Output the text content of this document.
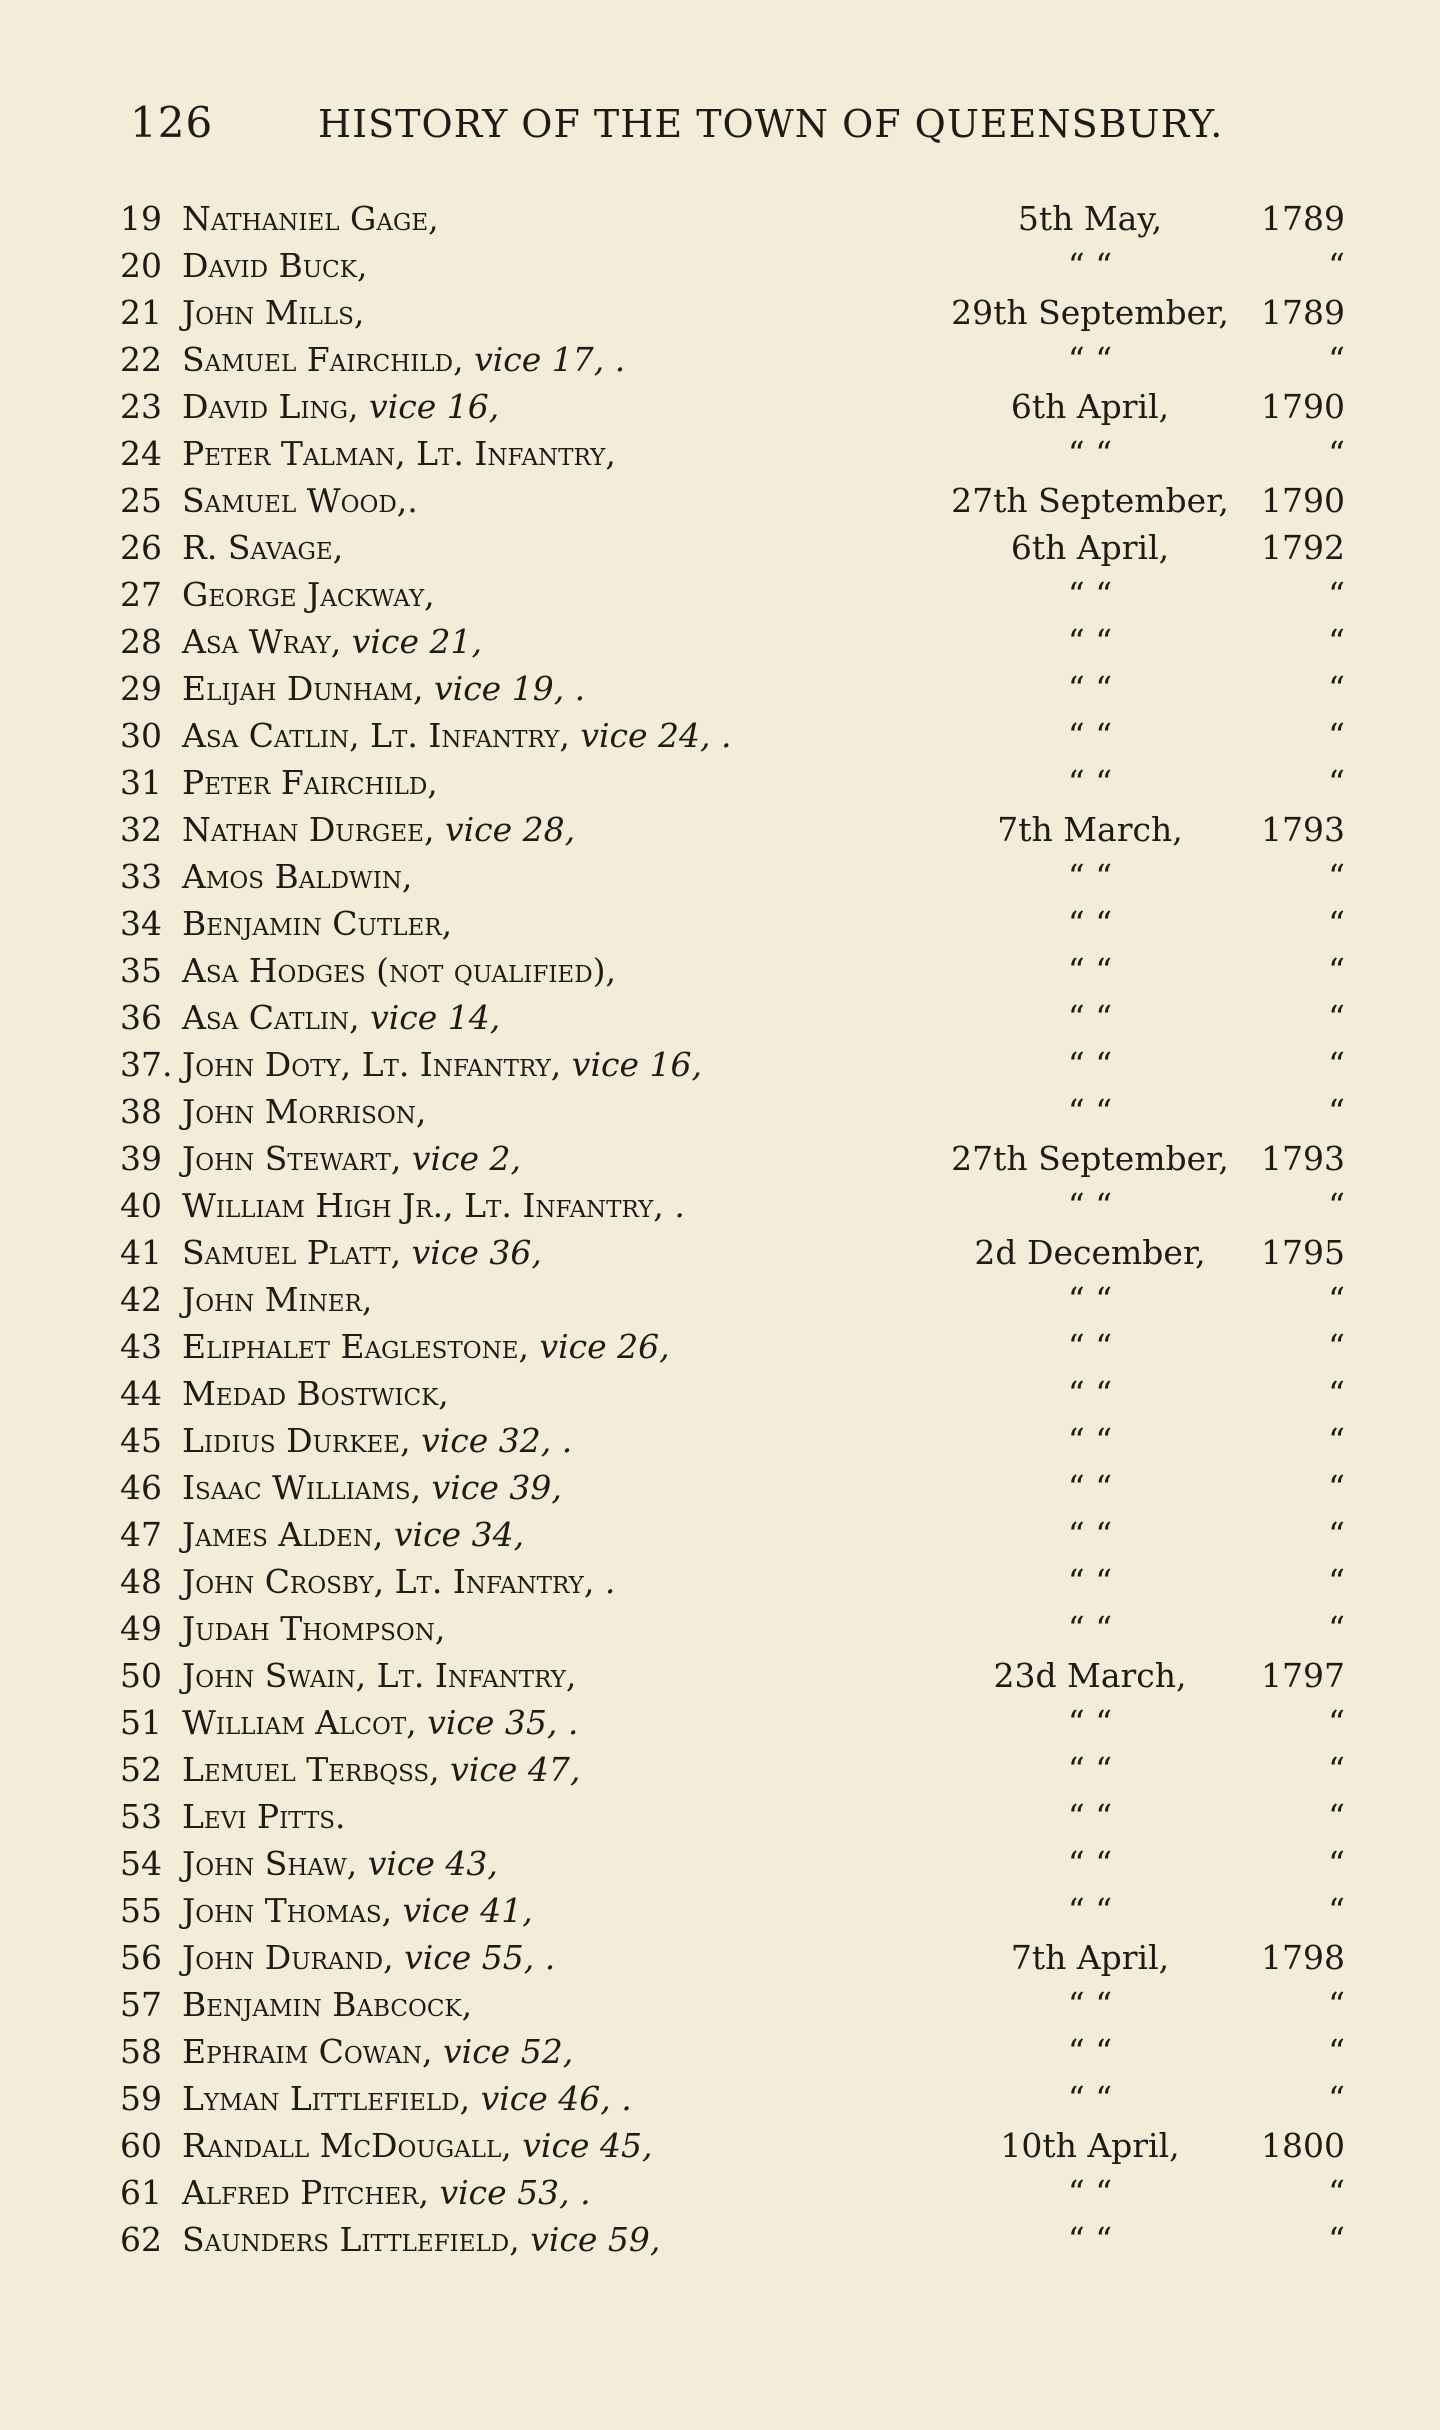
126	HISTORY OF THE TOWN OF QUEENSBURY.
19 Nathaniel Gage,	5th May,	1789
20 David Buck,	“ “	“
21 John Mills,	29th September, 1789
22 Samuel Fairchild, vice 17, .	“ “	“
23 David Ling, vice 16,	6th April,	1790
24 Peter Talman, Lt. Infantry,	“ “	“
25 Samuel Wood,.	27th September, 1790
26 R. Savage,	6th April,	1792
27 George Jackway,	“ “	“
28 Asa Wray, vice 21,	“ “	“
29 Elijah Dunham, vice 19, .	“ “	“
30 Asa Catlin, Lt. Infantry, vice 24, .	“ “	“
31 Peter Fairchild,	“ “	“
32 Nathan Durgee, vice 28,	7th March,	1793
33 Amos Baldwin,	“ “	“
34 Benjamin Cutler,	“ “	“
35 Asa Hodges (not qualified),	“ “	“
36 Asa Catlin, vice 14,	“ “	“
37. John Doty, Lt. Infantry, vice 16,	“ “	“
38 John Morrison,	“ “	“
39 John Stewart, vice 2,	27th September, 1793
40 William High Jr., Lt. Infantry, .	“ “	“
41 Samuel Platt, vice 36,	2d December,	1795
42 John Miner,	“ “	“
43 Eliphalet Eaglestone, vice 26,	“ “	“
44 Medad Bostwick,	“ “	“
45 Lidius Durkee, vice 32, .	“ “	“
46 Isaac Williams, vice 39,	“ “	“
47 James Alden, vice 34,	“ “	“
48 John Crosby, Lt. Infantry, .	“ “	“
49 Judah Thompson,	“ “	“
50 John Swain, Lt. Infantry,	23d March,	1797
51 William Alcot, vice 35, .	“ “	“
52 Lemuel Terbqss, vice 47,	“ “	“
53 Levi Pitts.	“ “	“
54 John Shaw, vice 43,	“ “	“
55 John Thomas, vice 41,	“ “	“
56 John Durand, vice 55, .	7th April,	1798
57 Benjamin Babcock,	“ “	“
58 Ephraim Cowan, vice 52,	“ “	“
59 Lyman Littlefield, vice 46, .	“ “	“
60 Randall McDougall, vice 45,	10th April,	1800
61 Alfred Pitcher, vice 53, .	“ “	“
62 Saunders Littlefield, vice 59,	“ “	“
